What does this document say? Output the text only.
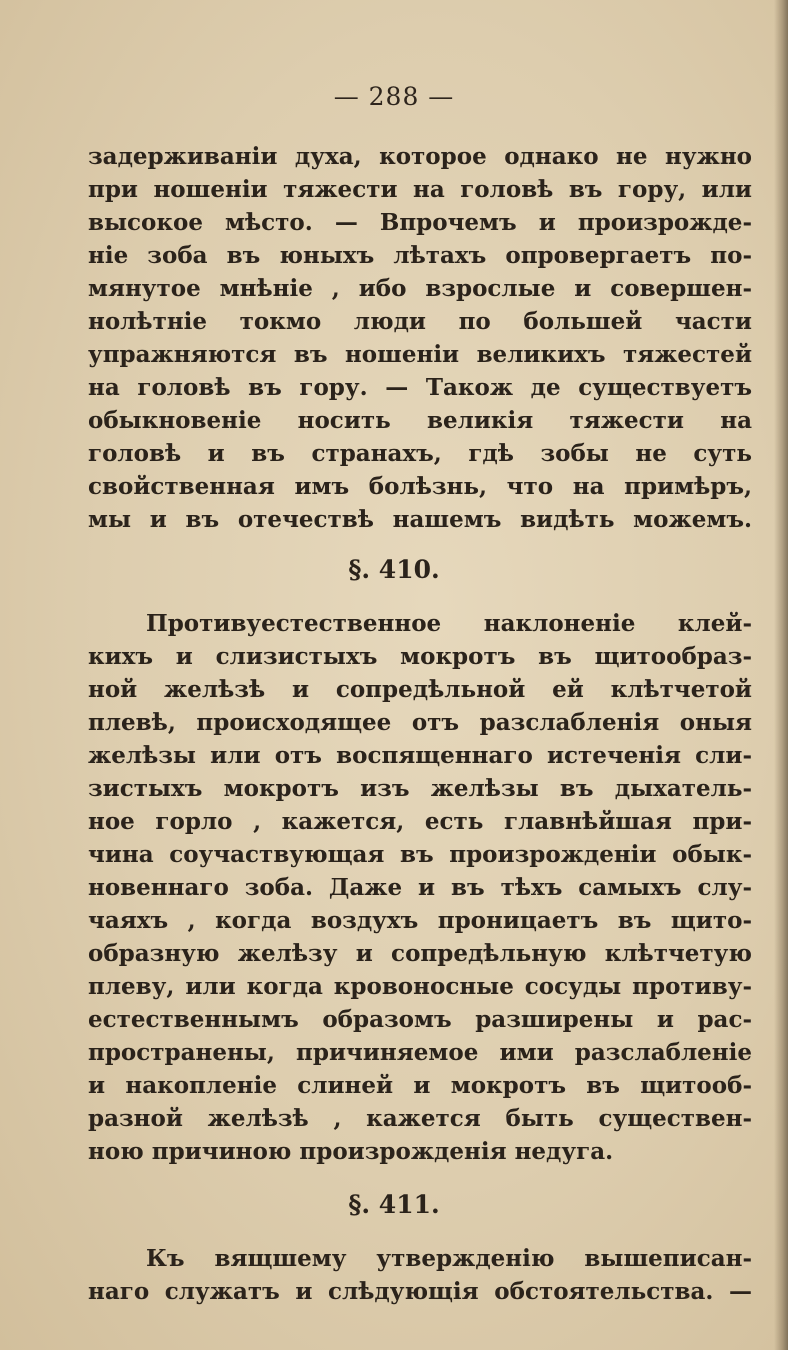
— 288 —
задерживаніи духа, которое однако не нужно
при ношеніи тяжести на головѣ въ гору, или
высокое мѣсто. — Впрочемъ и произрожде-
ніе зоба въ юныхъ лѣтахъ опровергаетъ по-
мянутое мнѣніе , ибо взрослые и совершен-
нолѣтніе токмо люди по большей части
упражняются въ ношеніи великихъ тяжестей
на головѣ въ гору. — Також де существуетъ
обыкновеніе носить великія тяжести на
головѣ и въ странахъ, гдѣ зобы не суть
свойственная имъ болѣзнь, что на примѣръ,
мы и въ отечествѣ нашемъ видѣть можемъ.
§. 410.
Противуестественное наклоненіе клей-
кихъ и слизистыхъ мокротъ въ щитообраз-
ной желѣзѣ и сопредѣльной ей клѣтчетой
плевѣ, происходящее отъ разслабленія оныя
желѣзы или отъ воспященнаго истеченія сли-
зистыхъ мокротъ изъ желѣзы въ дыхатель-
ное горло , кажется, есть главнѣйшая при-
чина соучаствующая въ произрожденіи обык-
новеннаго зоба. Даже и въ тѣхъ самыхъ слу-
чаяхъ , когда воздухъ проницаетъ въ щито-
образную желѣзу и сопредѣльную клѣтчетую
плеву, или когда кровоносные сосуды противу-
естественнымъ образомъ разширены и рас-
пространены, причиняемое ими разслабленіе
и накопленіе слиней и мокротъ въ щитооб-
разной желѣзѣ , кажется быть существен-
ною причиною произрожденія недуга.
§. 411.
Къ вящшему утвержденію вышеписан-
наго служатъ и слѣдующія обстоятельства. —
